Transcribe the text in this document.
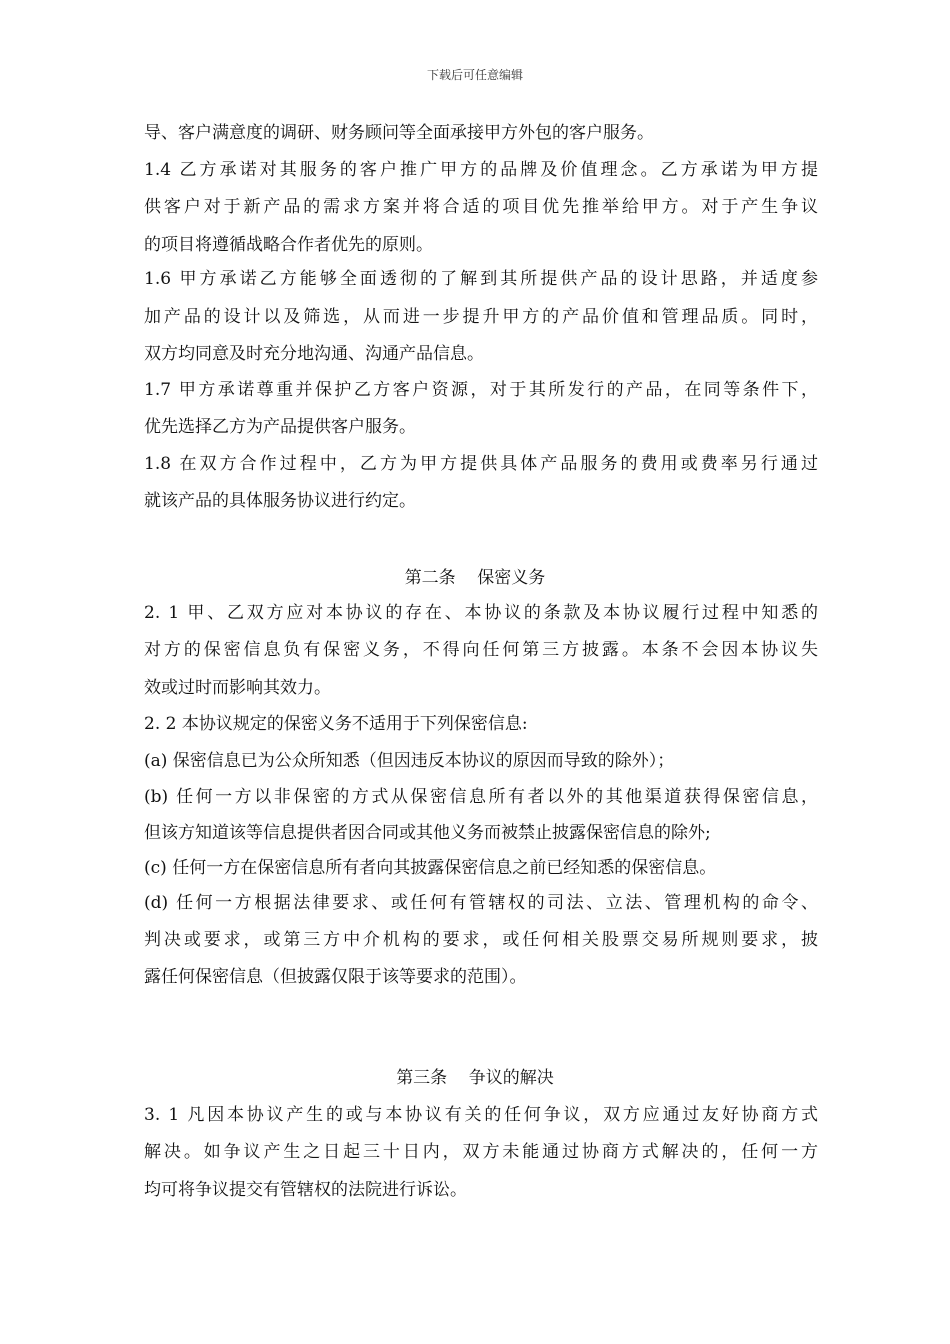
下载后可任意编辑
导、客户满意度的调研、财务顾问等全面承接甲方外包的客户服务。
1.4 乙方承诺对其服务的客户推广甲方的品牌及价值理念。乙方承诺为甲方提
供客户对于新产品的需求方案并将合适的项目优先推举给甲方。对于产生争议
的项目将遵循战略合作者优先的原则。
1.6 甲方承诺乙方能够全面透彻的了解到其所提供产品的设计思路，并适度参
加产品的设计以及筛选，从而进一步提升甲方的产品价值和管理品质。同时，
双方均同意及时充分地沟通、沟通产品信息。
1.7 甲方承诺尊重并保护乙方客户资源，对于其所发行的产品，在同等条件下，
优先选择乙方为产品提供客户服务。
1.8 在双方合作过程中，乙方为甲方提供具体产品服务的费用或费率另行通过
就该产品的具体服务协议进行约定。
第二条    保密义务
2. 1 甲、乙双方应对本协议的存在、本协议的条款及本协议履行过程中知悉的
对方的保密信息负有保密义务，不得向任何第三方披露。本条不会因本协议失
效或过时而影响其效力。
2. 2 本协议规定的保密义务不适用于下列保密信息:
(a) 保密信息已为公众所知悉（但因违反本协议的原因而导致的除外）；
(b) 任何一方以非保密的方式从保密信息所有者以外的其他渠道获得保密信息，
但该方知道该等信息提供者因合同或其他义务而被禁止披露保密信息的除外;
(c) 任何一方在保密信息所有者向其披露保密信息之前已经知悉的保密信息。
(d) 任何一方根据法律要求、或任何有管辖权的司法、立法、管理机构的命令、
判决或要求，或第三方中介机构的要求，或任何相关股票交易所规则要求，披
露任何保密信息（但披露仅限于该等要求的范围）。
第三条    争议的解决
3. 1 凡因本协议产生的或与本协议有关的任何争议，双方应通过友好协商方式
解决。如争议产生之日起三十日内，双方未能通过协商方式解决的，任何一方
均可将争议提交有管辖权的法院进行诉讼。
